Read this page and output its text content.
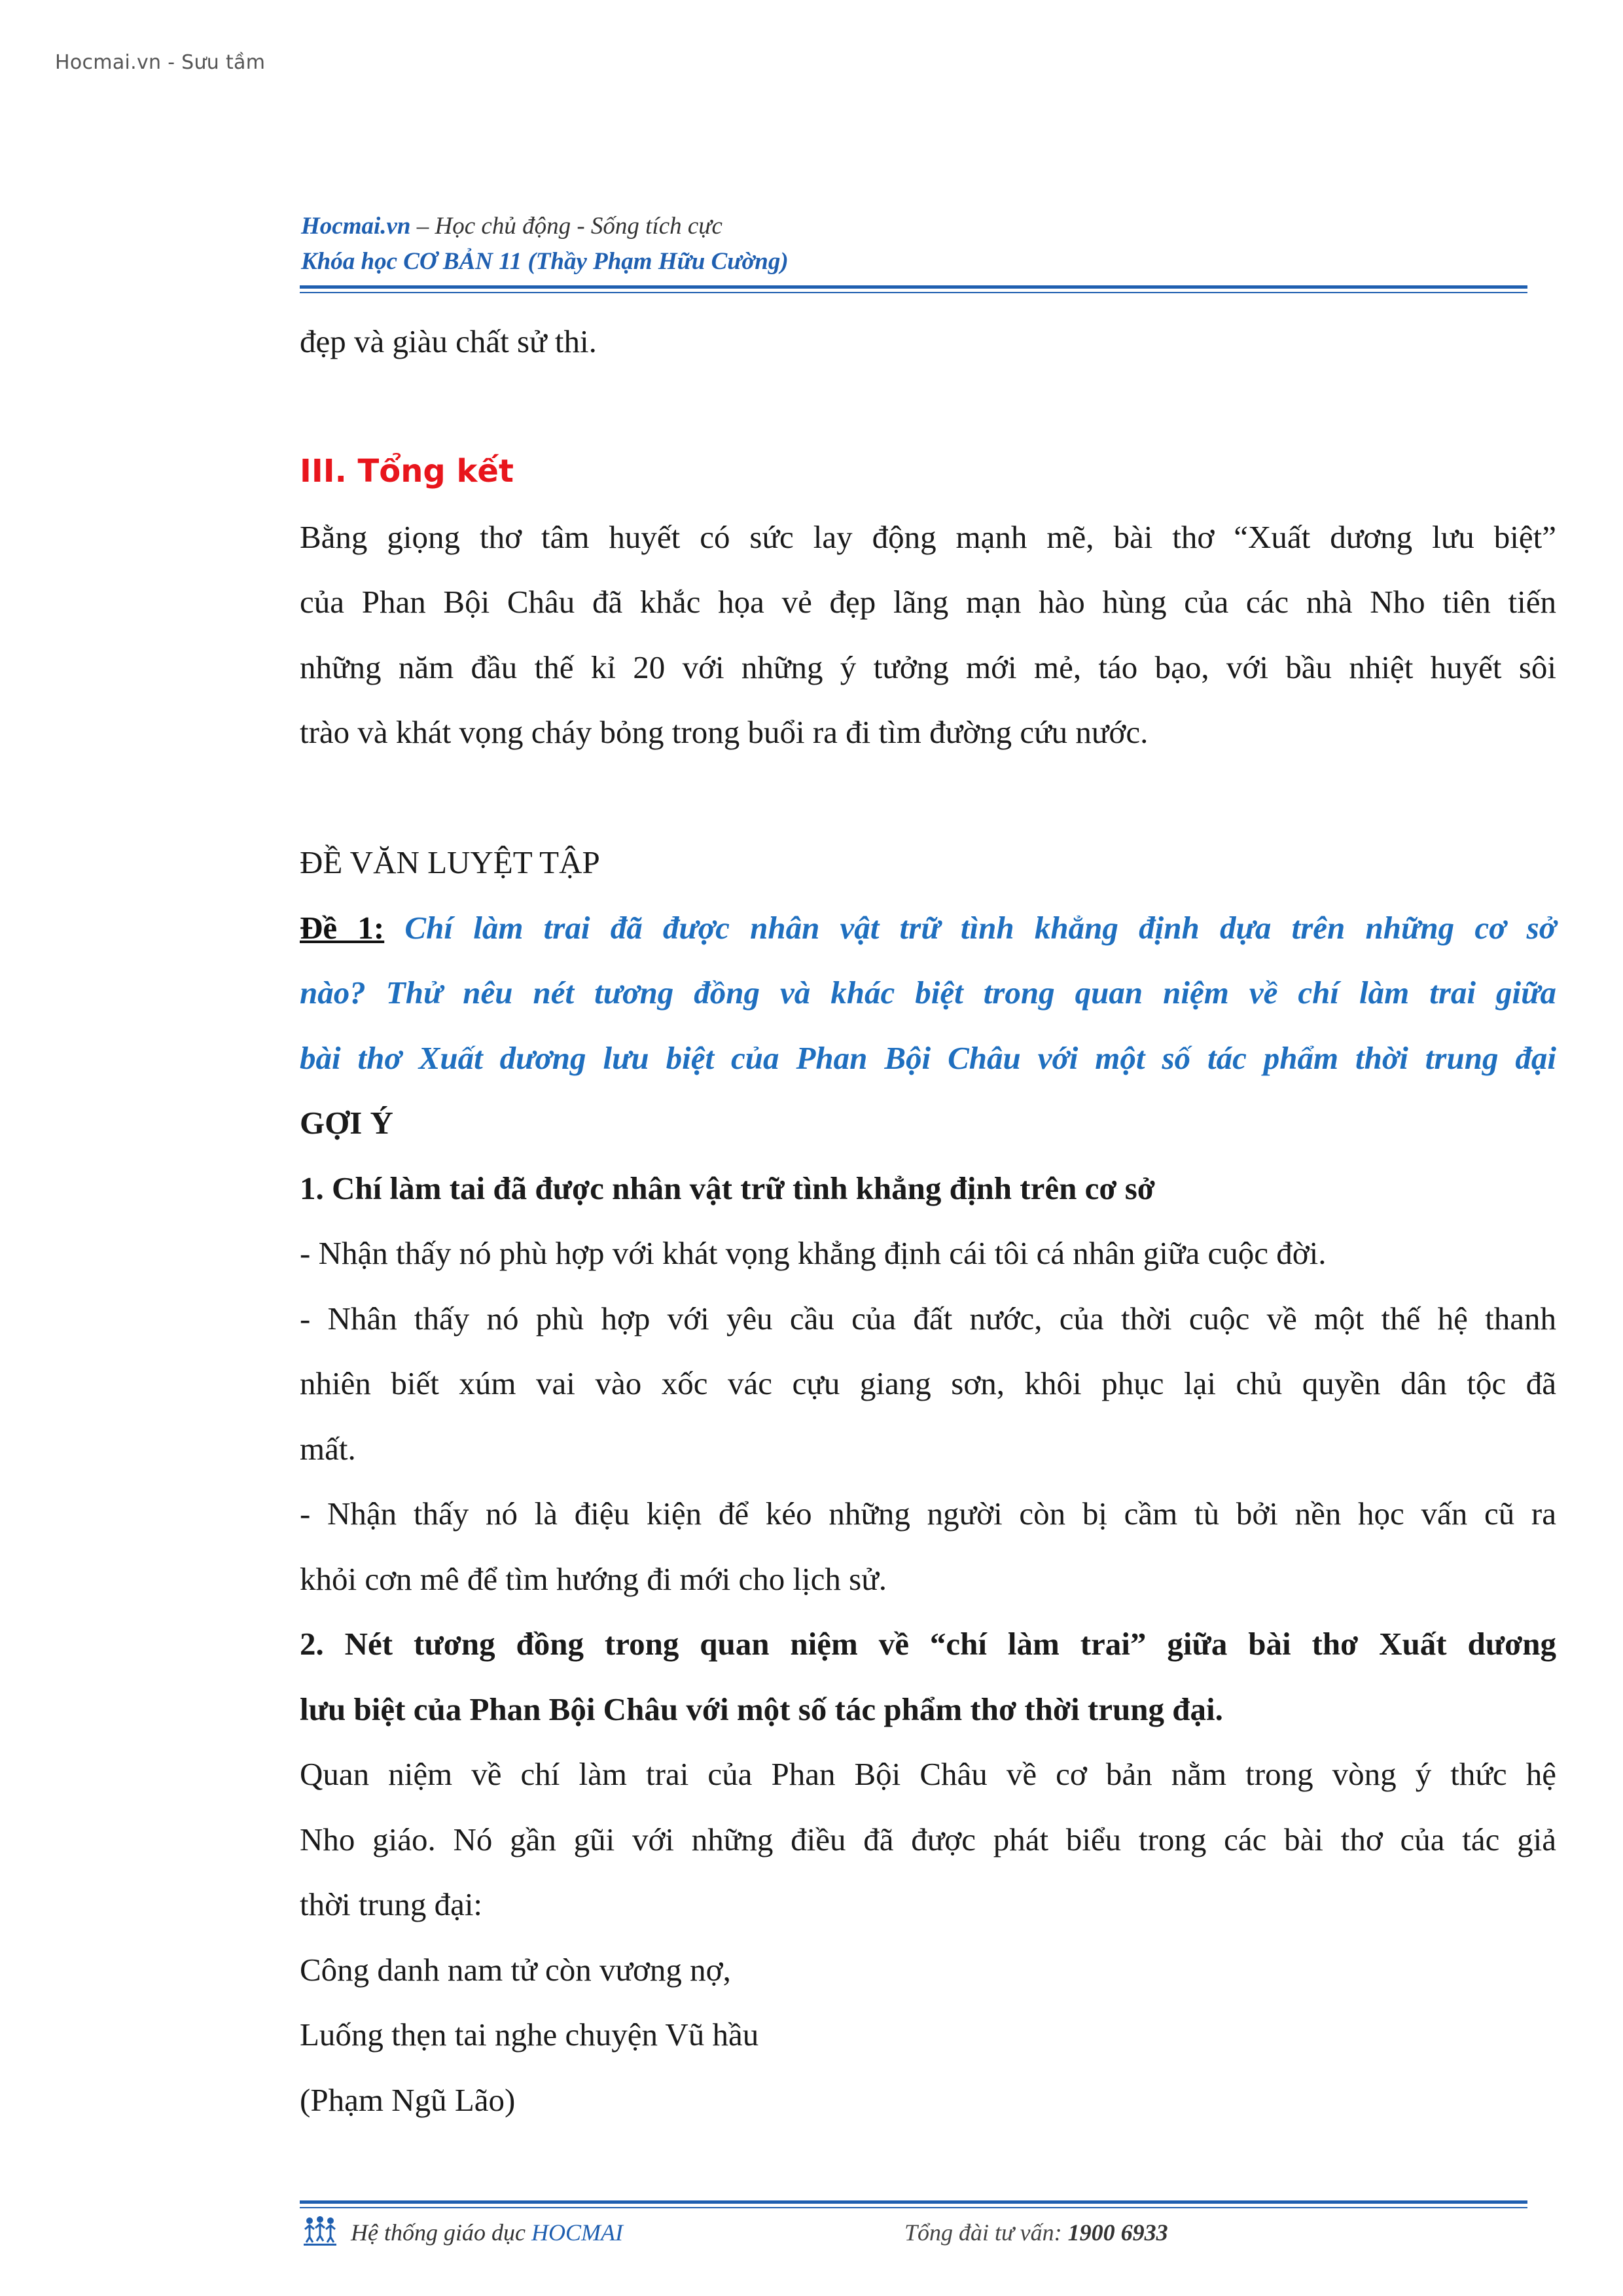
Hocmai.vn - Sưu tầm
Hocmai.vn – Học chủ động - Sống tích cực
Khóa học CƠ BẢN 11 (Thầy Phạm Hữu Cường)
đẹp và giàu chất sử thi.
III. Tổng kết
Bằng giọng thơ tâm huyết có sức lay động mạnh mẽ, bài thơ “Xuất dương lưu biệt”
của Phan Bội Châu đã khắc họa vẻ đẹp lãng mạn hào hùng của các nhà Nho tiên tiến
những năm đầu thế kỉ 20 với những ý tưởng mới mẻ, táo bạo, với bầu nhiệt huyết sôi
trào và khát vọng cháy bỏng trong buổi ra đi tìm đường cứu nước.
ĐỀ VĂN LUYỆT TẬP
Đề 1: Chí làm trai đã được nhân vật trữ tình khẳng định dựa trên những cơ sở
nào? Thử nêu nét tương đồng và khác biệt trong quan niệm về chí làm trai giữa
bài thơ Xuất dương lưu biệt của Phan Bội Châu với một số tác phẩm thời trung đại
GỢI Ý
1. Chí làm tai đã được nhân vật trữ tình khẳng định trên cơ sở
- Nhận thấy nó phù hợp với khát vọng khẳng định cái tôi cá nhân giữa cuộc đời.
- Nhân thấy nó phù hợp với yêu cầu của đất nước, của thời cuộc về một thế hệ thanh
nhiên biết xúm vai vào xốc vác cựu giang sơn, khôi phục lại chủ quyền dân tộc đã
mất.
- Nhận thấy nó là điệu kiện để kéo những người còn bị cầm tù bởi nền học vấn cũ ra
khỏi cơn mê để tìm hướng đi mới cho lịch sử.
2. Nét tương đồng trong quan niệm về “chí làm trai” giữa bài thơ Xuất dương
lưu biệt của Phan Bội Châu với một số tác phẩm thơ thời trung đại.
Quan niệm về chí làm trai của Phan Bội Châu về cơ bản nằm trong vòng ý thức hệ
Nho giáo. Nó gần gũi với những điều đã được phát biểu trong các bài thơ của tác giả
thời trung đại:
Công danh nam tử còn vương nợ,
Luống thẹn tai nghe chuyện Vũ hầu
(Phạm Ngũ Lão)
Hệ thống giáo dục HOCMAI	Tổng đài tư vấn: 1900 6933
